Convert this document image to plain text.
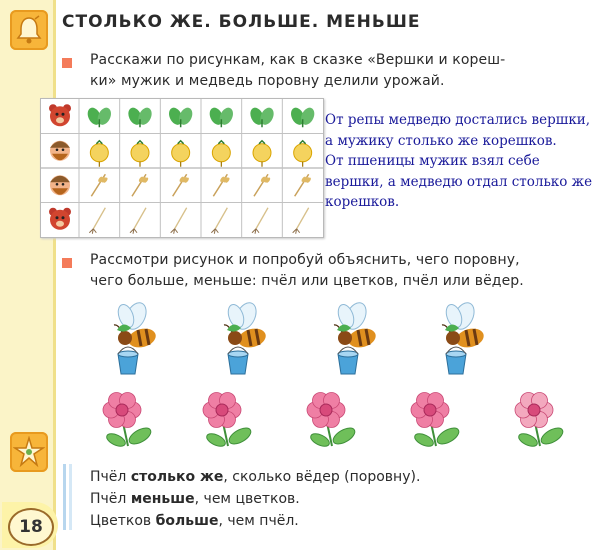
18
СТОЛЬКО ЖЕ. БОЛЬШЕ. МЕНЬШЕ
Расскажи по рисункам, как в сказке «Вершки и кореш-
ки» мужик и медведь поровну делили урожай.
От репы медведю достались вершки,
а мужику столько же корешков.
От пшеницы мужик взял себе
вершки, а медведю отдал столько же
корешков.
Рассмотри рисунок и попробуй объяснить, чего поровну,
чего больше, меньше: пчёл или цветков, пчёл или вёдер.
Пчёл столько же, сколько вёдер (поровну).
Пчёл меньше, чем цветков.
Цветков больше, чем пчёл.
